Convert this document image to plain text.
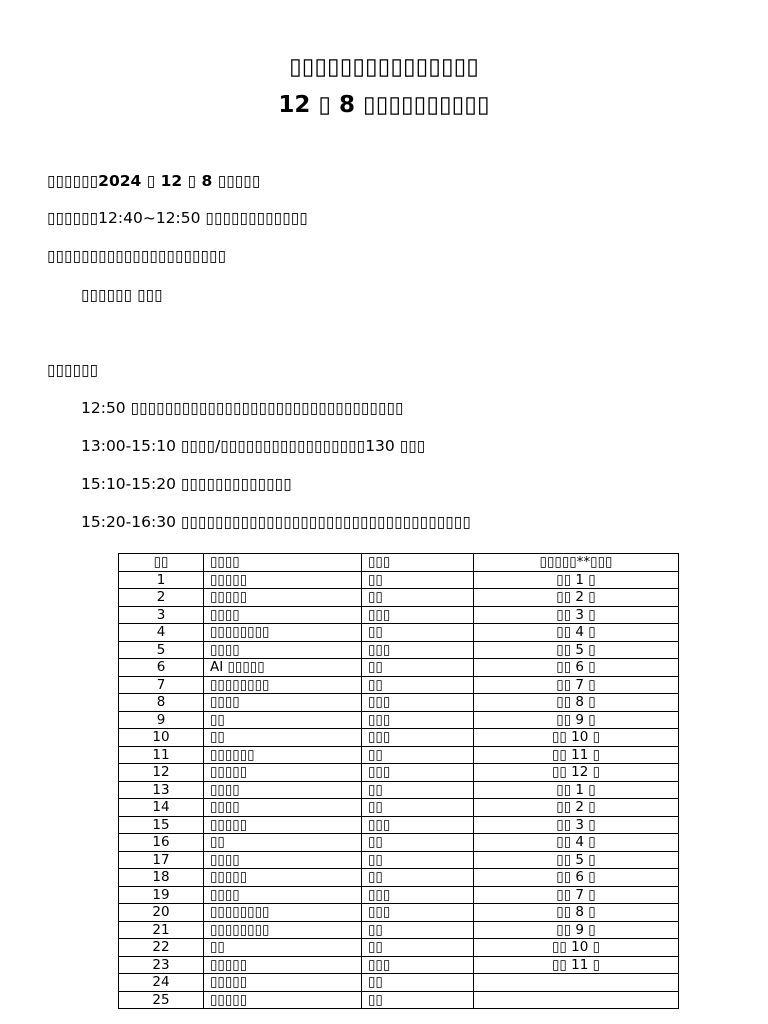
▯▯▯▯▯▯▯▯▯▯▯▯▯▯▯
12 ▯ 8 ▯▯▯▯▯▯▯▯▯▯
▯▯▯▯▯▯2024 ▯ 12 ▯ 8 ▯▯▯▯▯
▯▯▯▯▯▯12:40~12:50 ▯▯▯▯▯▯▯▯▯▯▯▯
▯▯▯▯▯▯▯▯▯▯▯▯▯▯▯▯▯▯▯▯▯
▯▯▯▯▯▯ ▯▯▯
▯▯▯▯▯▯
12:50 ▯▯▯▯▯▯▯▯▯▯▯▯▯▯▯▯▯▯▯▯▯▯▯▯▯▯▯▯▯▯▯▯
13:00-15:10 ▯▯▯▯/▯▯▯▯▯▯▯▯▯▯▯▯▯▯▯▯▯130 ▯▯▯
15:10-15:20 ▯▯▯▯▯▯▯▯▯▯▯▯▯
15:20-16:30 ▯▯▯▯▯▯▯▯▯▯▯▯▯▯▯▯▯▯▯▯▯▯▯▯▯▯▯▯▯▯▯▯▯▯
▯▯	▯▯▯▯	▯▯▯	▯▯▯▯▯**▯▯▯
1	▯▯▯▯▯	▯▯	▯▯ 1 ▯
2	▯▯▯▯▯	▯▯	▯▯ 2 ▯
3	▯▯▯▯	▯▯▯	▯▯ 3 ▯
4	▯▯▯▯▯▯▯▯	▯▯	▯▯ 4 ▯
5	▯▯▯▯	▯▯▯	▯▯ 5 ▯
6	AI ▯▯▯▯▯	▯▯	▯▯ 6 ▯
7	▯▯▯▯▯▯▯▯	▯▯	▯▯ 7 ▯
8	▯▯▯▯	▯▯▯	▯▯ 8 ▯
9	▯▯	▯▯▯	▯▯ 9 ▯
10	▯▯	▯▯▯	▯▯ 10 ▯
11	▯▯▯▯▯▯	▯▯	▯▯ 11 ▯
12	▯▯▯▯▯	▯▯▯	▯▯ 12 ▯
13	▯▯▯▯	▯▯	▯▯ 1 ▯
14	▯▯▯▯	▯▯	▯▯ 2 ▯
15	▯▯▯▯▯	▯▯▯	▯▯ 3 ▯
16	▯▯	▯▯	▯▯ 4 ▯
17	▯▯▯▯	▯▯	▯▯ 5 ▯
18	▯▯▯▯▯	▯▯	▯▯ 6 ▯
19	▯▯▯▯	▯▯▯	▯▯ 7 ▯
20	▯▯▯▯▯▯▯▯	▯▯▯	▯▯ 8 ▯
21	▯▯▯▯▯▯▯▯	▯▯	▯▯ 9 ▯
22	▯▯	▯▯	▯▯ 10 ▯
23	▯▯▯▯▯	▯▯▯	▯▯ 11 ▯
24	▯▯▯▯▯	▯▯	
25	▯▯▯▯▯	▯▯	
